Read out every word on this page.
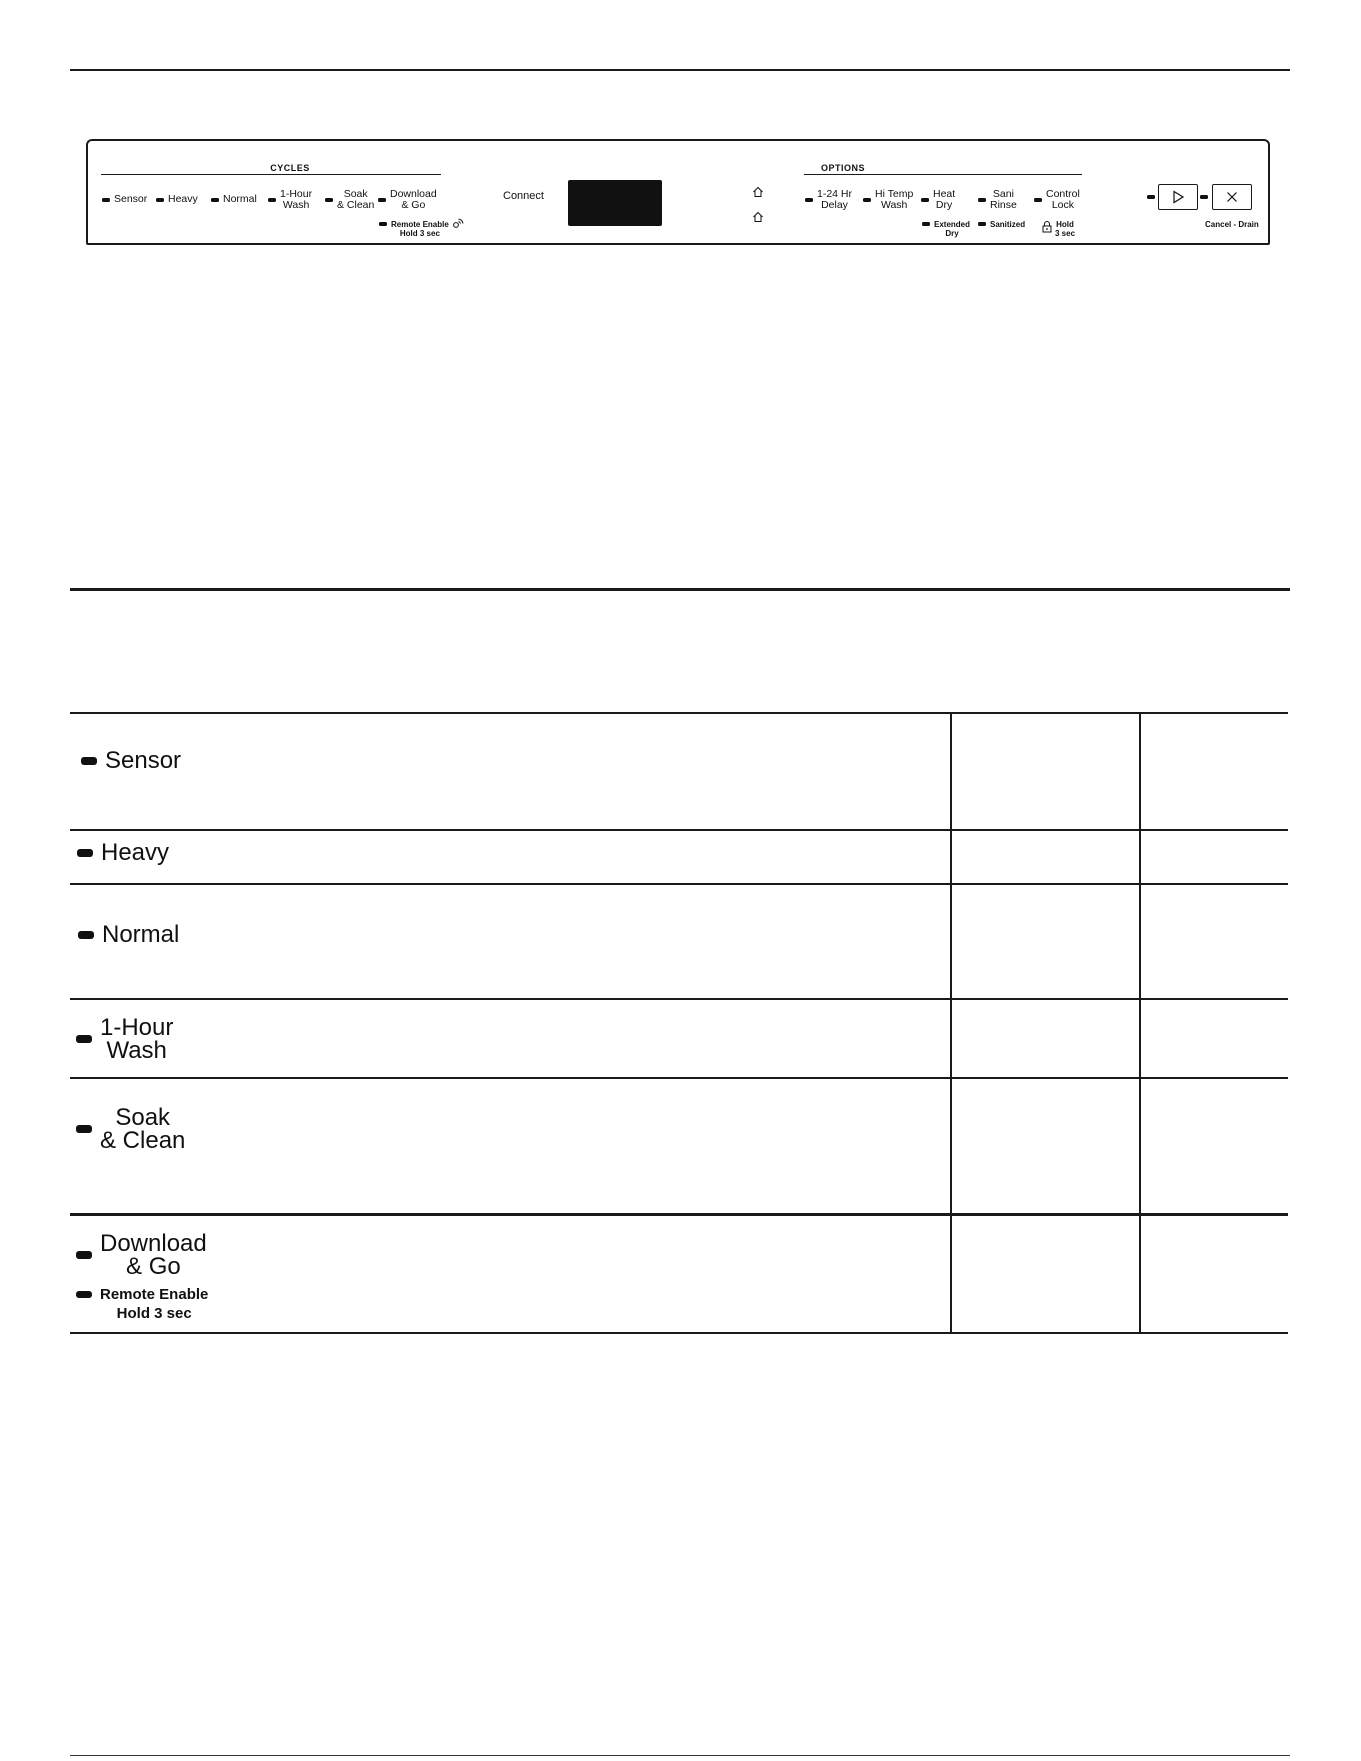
CYCLES	OPTIONS
Sensor Heavy Normal 1-Hour
Wash
Soak
& Clean
Download
& Go
Remote Enable
Hold 3 sec
Connect	1-24 Hr
Delay
Hi Temp
Wash
Heat
Dry
Sani
Rinse
Control
Lock
Extended
Dry
Sanitized	Hold
3 sec
Cancel - Drain
Sensor
Heavy
Normal
1-Hour
Wash
Soak
& Clean
Download
& Go
Remote Enable
Hold 3 sec
